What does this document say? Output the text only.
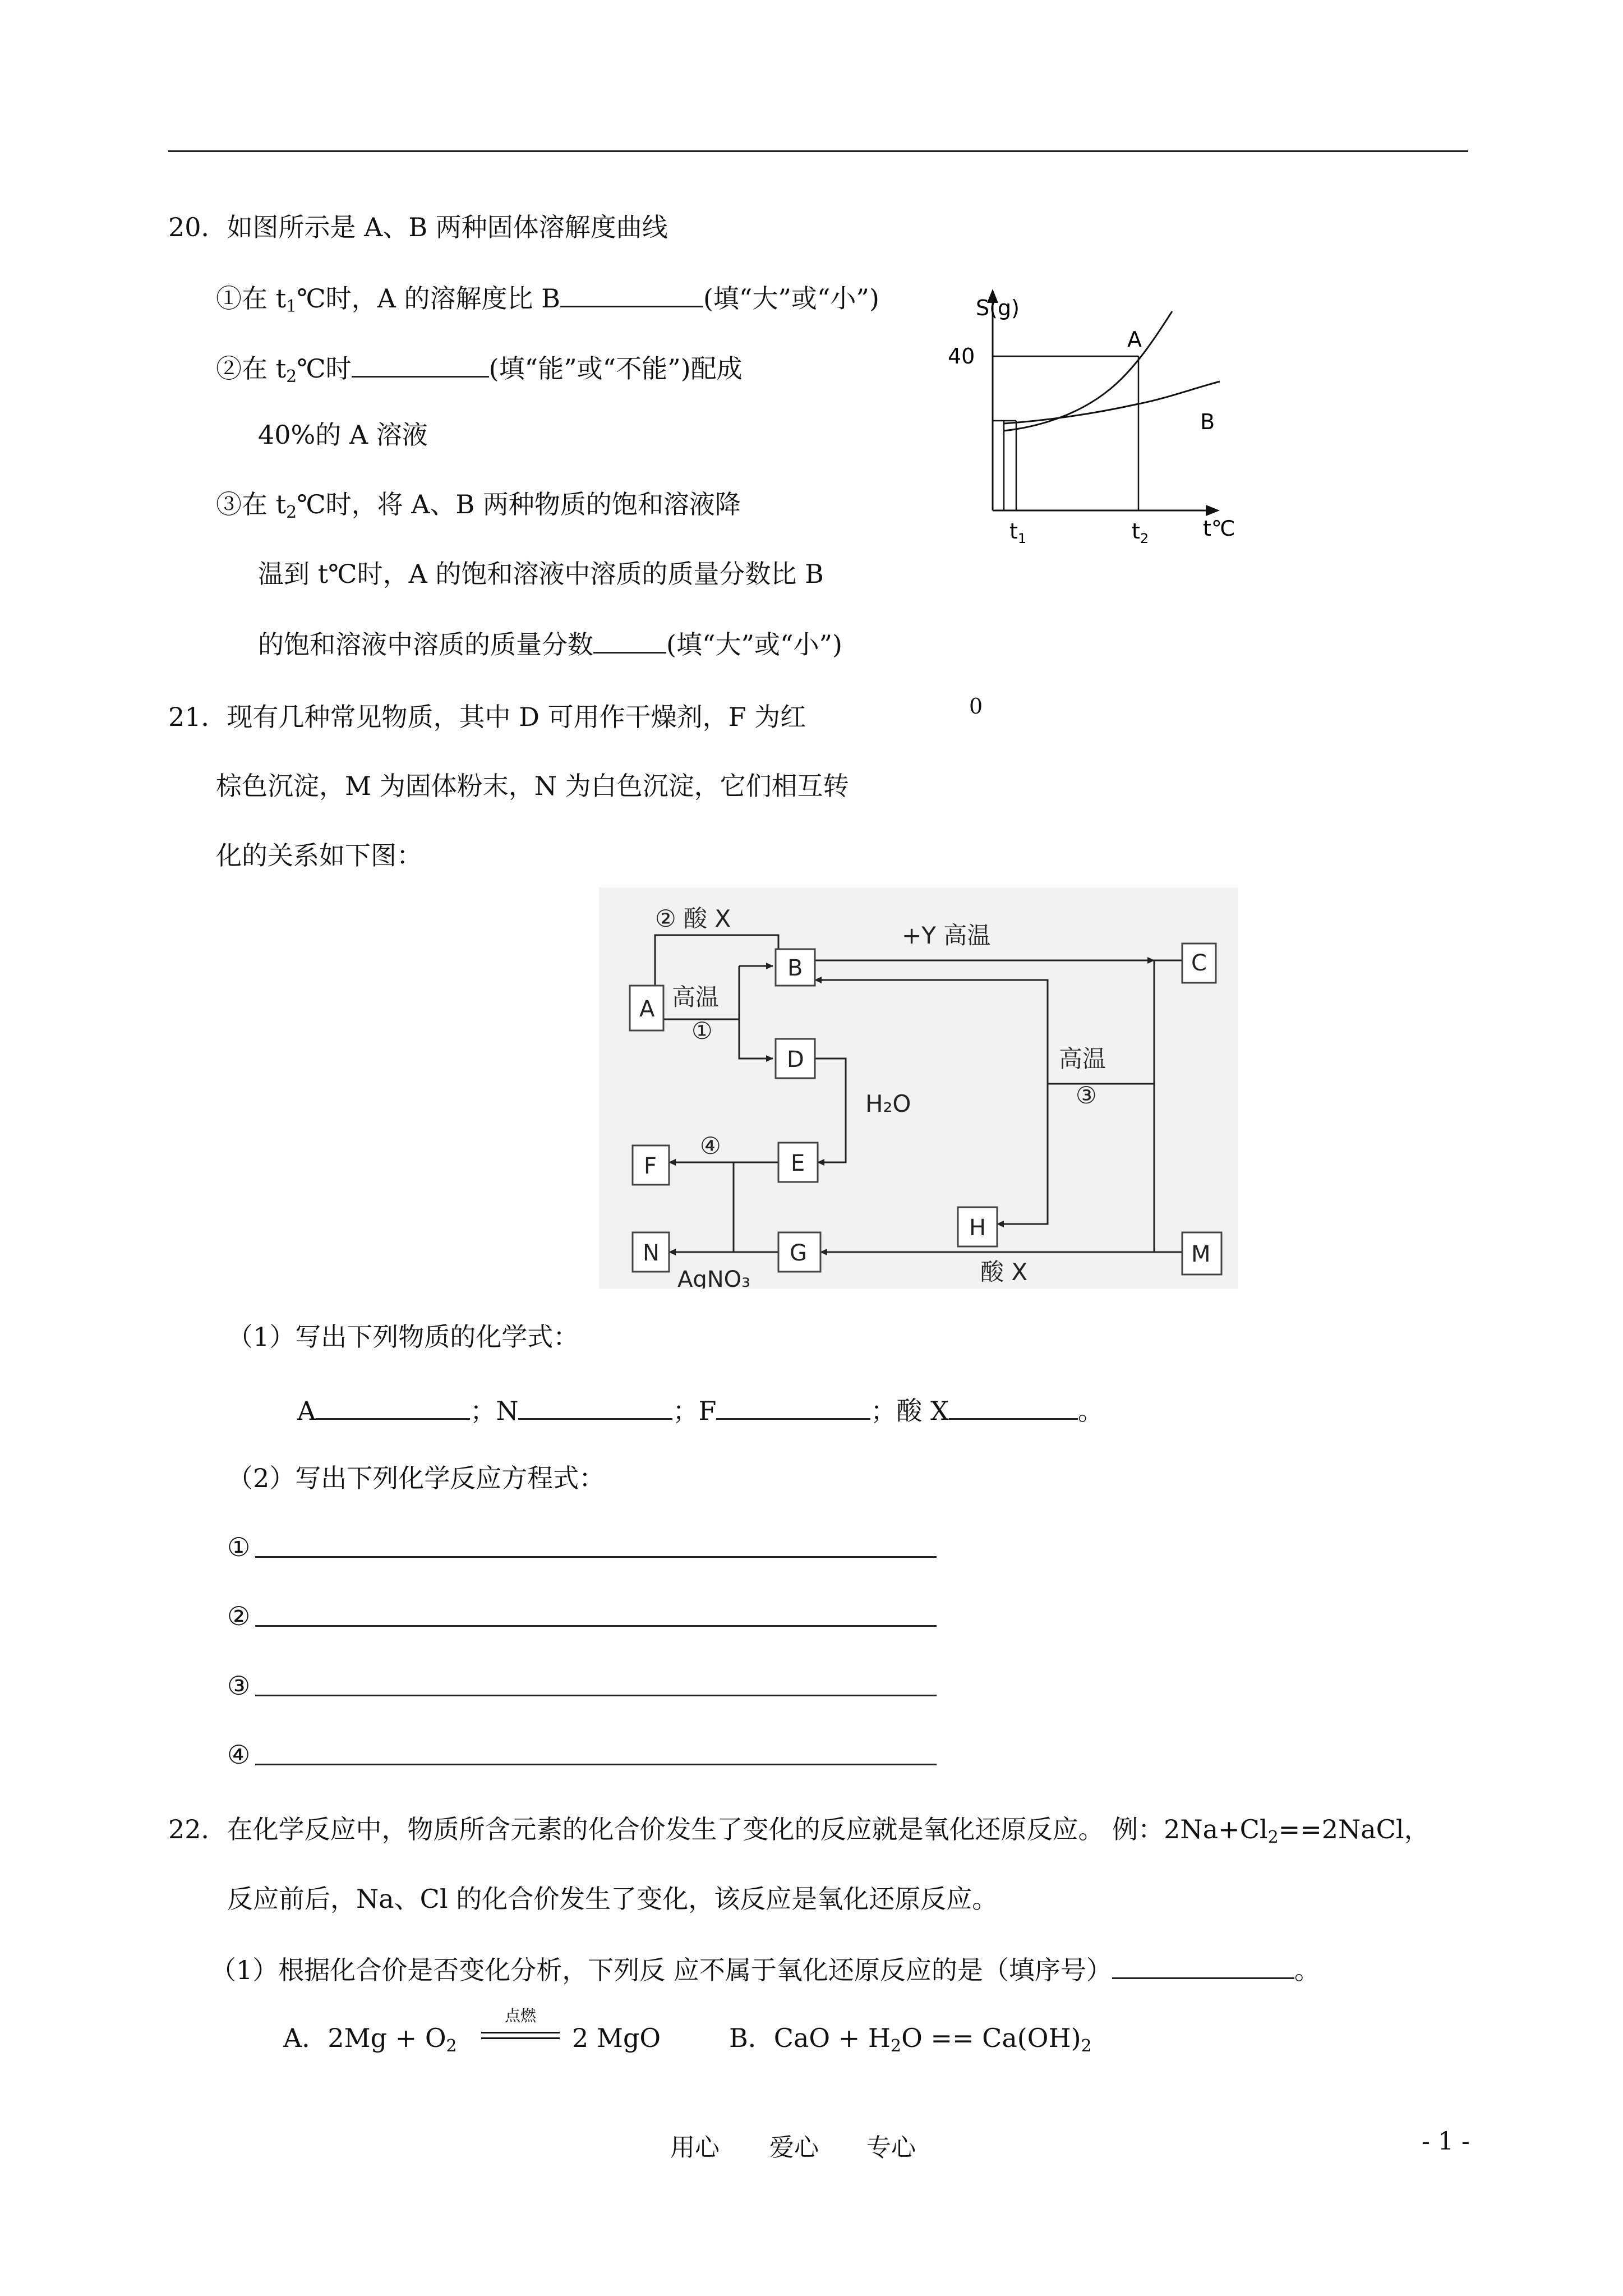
20．如图所示是 A、B 两种固体溶解度曲线
①在 $t_1℃$时，A 的溶解度比 B	(填“大”或“小”)
②在 $t_2℃$时	(填“能”或“不能”)配成
40%的 A 溶液
③在 $t_2℃$时，将 A、B 两种物质的饱和溶液降
温到 t℃时，A 的饱和溶液中溶质的质量分数比 B
的饱和溶液中溶质的质量分数	(填“大”或“小”)
S(g)
40
A
B
$t_1$	$t_2$	t℃
0
21．现有几种常见物质，其中 D 可用作干燥剂，F 为红
棕色沉淀，M 为固体粉末，N 为白色沉淀，它们相互转
化的关系如下图：
A
B	C
D
E
F
G
H
M
N
② 酸 X
+Y 高温
高温
①
H₂O
高温
③
④
AgNO₃	酸 X
（1）写出下列物质的化学式：
A	；N	；F	；酸 X	。
（2）写出下列化学反应方程式：
①
②
③
④
22．在化学反应中，物质所含元素的化合价发生了变化的反应就是氧化还原反应。 例：$2Na+Cl_2==2NaCl$，
反应前后，Na、Cl 的化合价发生了变化，该反应是氧化还原反应。
（1）根据化合价是否变化分析，下列反 应不属于氧化还原反应的是（填序号）	。
A．$2Mg + O_2$
点燃
2 MgO	B．CaO + $H_2O == Ca(OH)_2$
用心 爱心 专心	- 1 -
